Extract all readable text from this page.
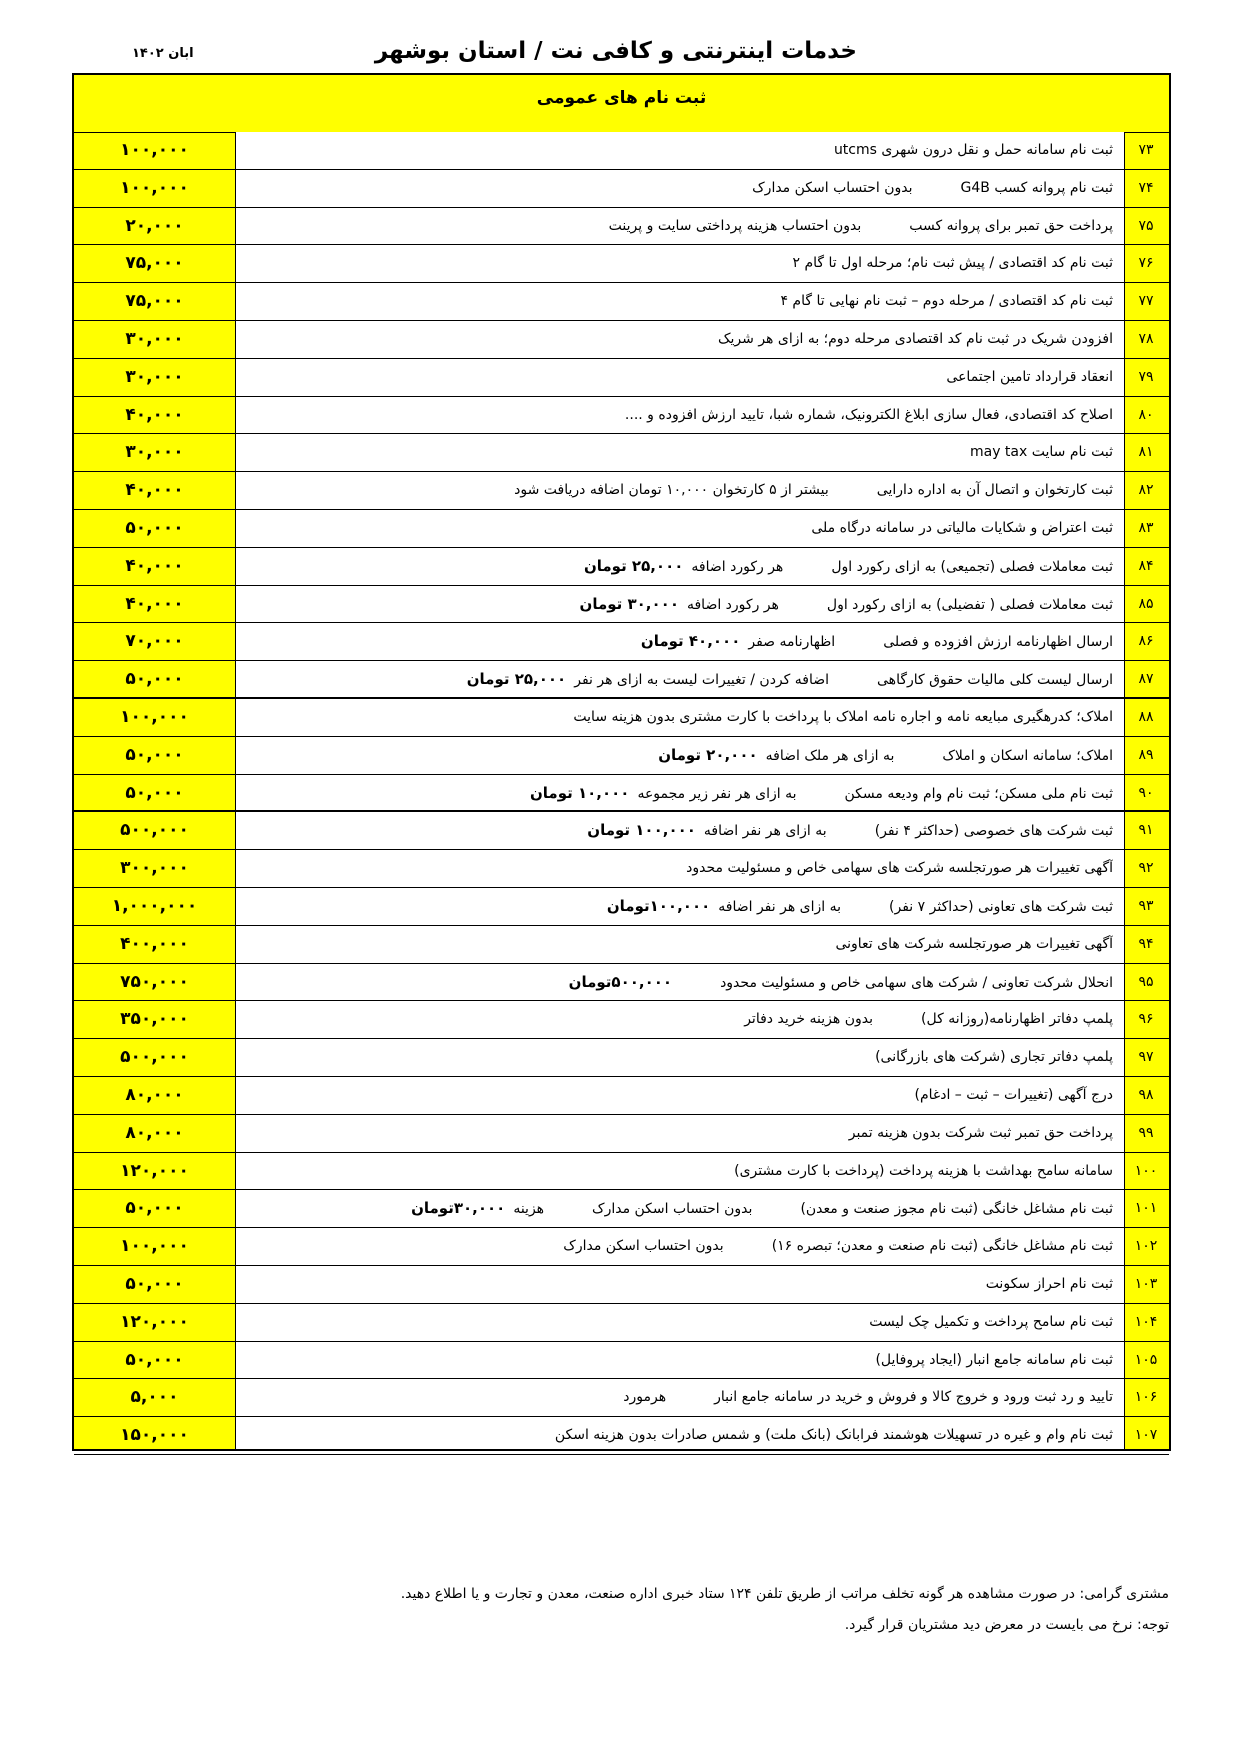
خدمات اینترنتی و کافی نت / استان بوشهر
ابان ۱۴۰۲
ثبت نام های عمومی
۷۳
ثبت نام سامانه حمل و نقل درون شهری utcms
۱۰۰,۰۰۰
۷۴
ثبت نام پروانه کسب G4Bبدون احتساب اسکن مدارک
۱۰۰,۰۰۰
۷۵
پرداخت حق تمبر برای پروانه کسببدون احتساب هزینه پرداختی سایت و پرینت
۲۰,۰۰۰
۷۶
ثبت نام کد اقتصادی / پیش ثبت نام؛ مرحله اول تا گام ۲
۷۵,۰۰۰
۷۷
ثبت نام کد اقتصادی / مرحله دوم – ثبت نام نهایی تا گام ۴
۷۵,۰۰۰
۷۸
افزودن شریک در ثبت نام کد اقتصادی مرحله دوم؛ به ازای هر شریک
۳۰,۰۰۰
۷۹
انعقاد قرارداد تامین اجتماعی
۳۰,۰۰۰
۸۰
اصلاح کد اقتصادی، فعال سازی ابلاغ الکترونیک، شماره شبا، تایید ارزش افزوده و ....
۴۰,۰۰۰
۸۱
ثبت نام سایت may tax
۳۰,۰۰۰
۸۲
ثبت کارتخوان و اتصال آن به اداره داراییبیشتر از ۵ کارتخوان ۱۰,۰۰۰ تومان اضافه دریافت شود
۴۰,۰۰۰
۸۳
ثبت اعتراض و شکایات مالیاتی در سامانه درگاه ملی
۵۰,۰۰۰
۸۴
ثبت معاملات فصلی (تجمیعی) به ازای رکورد اولهر رکورد اضافه۲۵,۰۰۰ تومان
۴۰,۰۰۰
۸۵
ثبت معاملات فصلی ( تفضیلی) به ازای رکورد اولهر رکورد اضافه۳۰,۰۰۰ تومان
۴۰,۰۰۰
۸۶
ارسال اظهارنامه ارزش افزوده و فصلیاظهارنامه صفر۴۰,۰۰۰ تومان
۷۰,۰۰۰
۸۷
ارسال لیست کلی مالیات حقوق کارگاهیاضافه کردن / تغییرات لیست به ازای هر نفر۲۵,۰۰۰ تومان
۵۰,۰۰۰
۸۸
املاک؛ کدرهگیری مبایعه نامه و اجاره نامه املاک با پرداخت با کارت مشتری بدون هزینه سایت
۱۰۰,۰۰۰
۸۹
املاک؛ سامانه اسکان و املاکبه ازای هر ملک اضافه۲۰,۰۰۰ تومان
۵۰,۰۰۰
۹۰
ثبت نام ملی مسکن؛ ثبت نام وام ودیعه مسکنبه ازای هر نفر زیر مجموعه۱۰,۰۰۰ تومان
۵۰,۰۰۰
۹۱
ثبت شرکت های خصوصی (حداکثر ۴ نفر)به ازای هر نفر اضافه۱۰۰,۰۰۰ تومان
۵۰۰,۰۰۰
۹۲
آگهی تغییرات هر صورتجلسه شرکت های سهامی خاص و مسئولیت محدود
۳۰۰,۰۰۰
۹۳
ثبت شرکت های تعاونی (حداکثر ۷ نفر)به ازای هر نفر اضافه۱۰۰,۰۰۰تومان
۱,۰۰۰,۰۰۰
۹۴
آگهی تغییرات هر صورتجلسه شرکت های تعاونی
۴۰۰,۰۰۰
۹۵
انحلال شرکت تعاونی / شرکت های سهامی خاص و مسئولیت محدود۵۰۰,۰۰۰تومان
۷۵۰,۰۰۰
۹۶
پلمپ دفاتر اظهارنامه(روزانه کل)بدون هزینه خرید دفاتر
۳۵۰,۰۰۰
۹۷
پلمپ دفاتر تجاری (شرکت های بازرگانی)
۵۰۰,۰۰۰
۹۸
درج آگهی (تغییرات – ثبت – ادغام)
۸۰,۰۰۰
۹۹
پرداخت حق تمبر ثبت شرکت بدون هزینه تمبر
۸۰,۰۰۰
۱۰۰
سامانه سامح بهداشت با هزینه پرداخت (پرداخت با کارت مشتری)
۱۲۰,۰۰۰
۱۰۱
ثبت نام مشاغل خانگی (ثبت نام مجوز صنعت و معدن)بدون احتساب اسکن مدارکهزینه۳۰,۰۰۰تومان
۵۰,۰۰۰
۱۰۲
ثبت نام مشاغل خانگی (ثبت نام صنعت و معدن؛ تبصره ۱۶)بدون احتساب اسکن مدارک
۱۰۰,۰۰۰
۱۰۳
ثبت نام احراز سکونت
۵۰,۰۰۰
۱۰۴
ثبت نام سامح پرداخت و تکمیل چک لیست
۱۲۰,۰۰۰
۱۰۵
ثبت نام سامانه جامع انبار (ایجاد پروفایل)
۵۰,۰۰۰
۱۰۶
تایید و رد ثبت ورود و خروج کالا و فروش و خرید در سامانه جامع انبارهرمورد
۵,۰۰۰
۱۰۷
ثبت نام وام و غیره در تسهیلات هوشمند فرابانک (بانک ملت) و شمس صادرات بدون هزینه اسکن
۱۵۰,۰۰۰
مشتری گرامی: در صورت مشاهده هر گونه تخلف مراتب از طریق تلفن ۱۲۴ ستاد خبری اداره صنعت، معدن و تجارت و یا اطلاع دهید.
توجه: نرخ می بایست در معرض دید مشتریان قرار گیرد.
